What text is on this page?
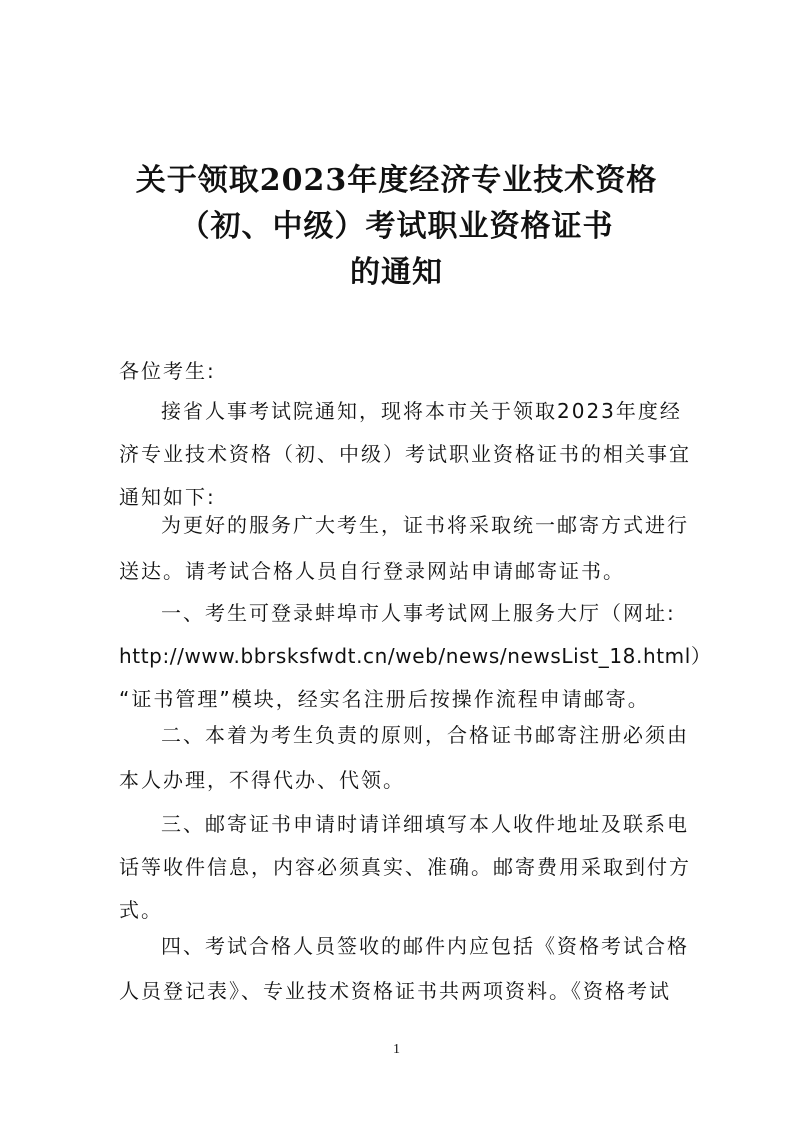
关于领取2023年度经济专业技术资格
（初、中级）考试职业资格证书
的通知
各位考生:
接省人事考试院通知，现将本市关于领取2023年度经
济专业技术资格（初、中级）考试职业资格证书的相关事宜
通知如下:
为更好的服务广大考生，证书将采取统一邮寄方式进行
送达。请考试合格人员自行登录网站申请邮寄证书。
一、考生可登录蚌埠市人事考试网上服务大厅（网址:
http://www.bbrsksfwdt.cn/web/news/newsList_18.html）
“证书管理”模块，经实名注册后按操作流程申请邮寄。
二、本着为考生负责的原则，合格证书邮寄注册必须由
本人办理，不得代办、代领。
三、邮寄证书申请时请详细填写本人收件地址及联系电
话等收件信息，内容必须真实、准确。邮寄费用采取到付方
式。
四、考试合格人员签收的邮件内应包括《资格考试合格
人员登记表》、专业技术资格证书共两项资料。《资格考试
1
